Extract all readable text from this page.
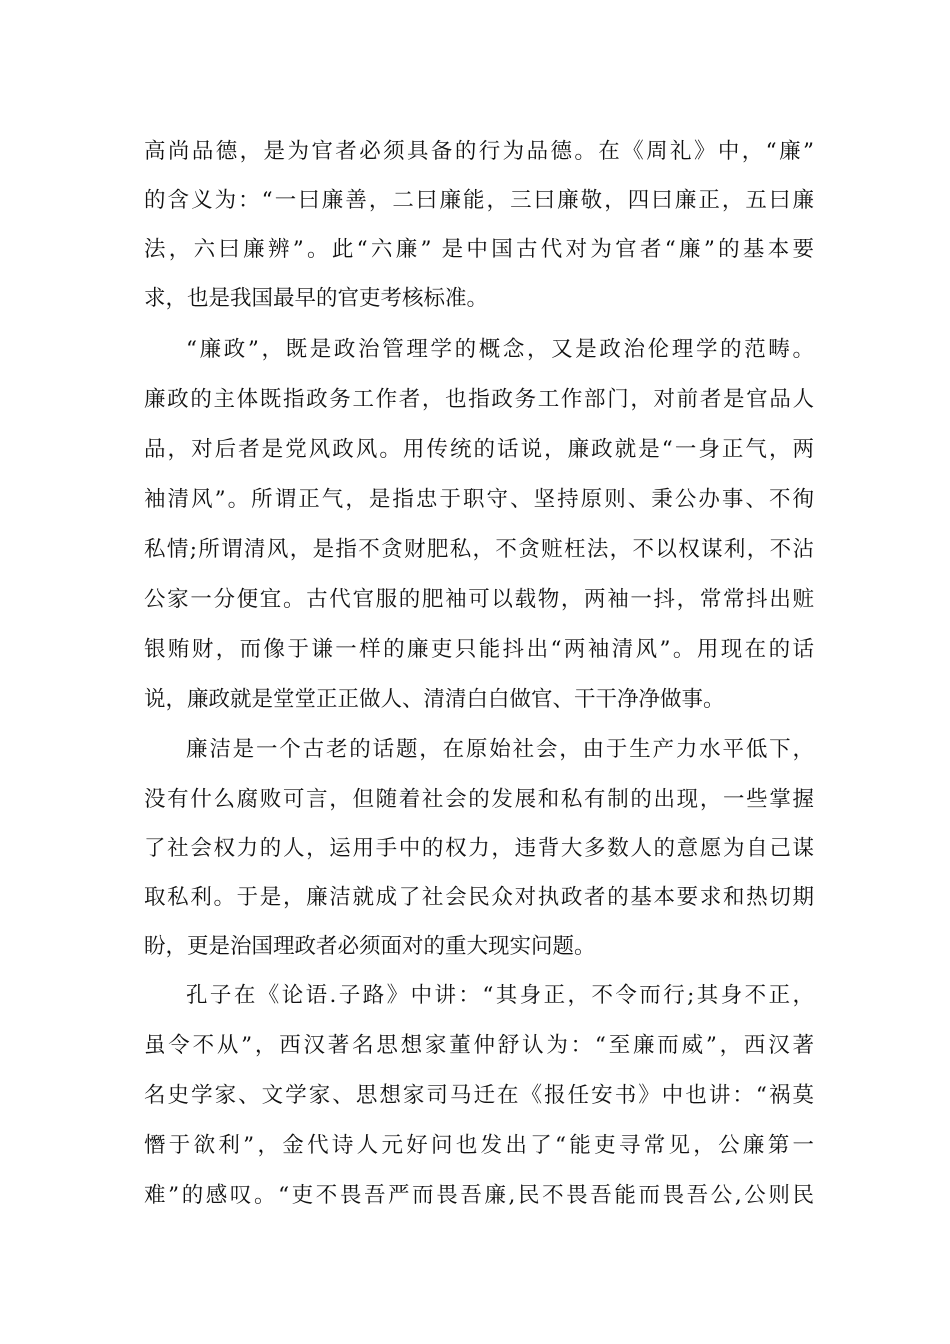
高尚品德，是为官者必须具备的行为品德。在《周礼》中，“廉”
的含义为：“一曰廉善，二曰廉能，三曰廉敬，四曰廉正，五曰廉
法，六曰廉辨”。此“六廉” 是中国古代对为官者“廉”的基本要
求，也是我国最早的官吏考核标准。
“廉政”，既是政治管理学的概念，又是政治伦理学的范畴。
廉政的主体既指政务工作者，也指政务工作部门，对前者是官品人
品，对后者是党风政风。用传统的话说，廉政就是“一身正气，两
袖清风”。所谓正气，是指忠于职守、坚持原则、秉公办事、不徇
私情;所谓清风，是指不贪财肥私，不贪赃枉法，不以权谋利，不沾
公家一分便宜。古代官服的肥袖可以载物，两袖一抖，常常抖出赃
银贿财，而像于谦一样的廉吏只能抖出“两袖清风”。用现在的话
说，廉政就是堂堂正正做人、清清白白做官、干干净净做事。
廉洁是一个古老的话题，在原始社会，由于生产力水平低下，
没有什么腐败可言，但随着社会的发展和私有制的出现，一些掌握
了社会权力的人，运用手中的权力，违背大多数人的意愿为自己谋
取私利。于是，廉洁就成了社会民众对执政者的基本要求和热切期
盼，更是治国理政者必须面对的重大现实问题。
孔子在《论语.子路》中讲：“其身正，不令而行;其身不正，
虽令不从”，西汉著名思想家董仲舒认为：“至廉而威”，西汉著
名史学家、文学家、思想家司马迁在《报任安书》中也讲：“祸莫
憯于欲利”，金代诗人元好问也发出了“能吏寻常见，公廉第一
难”的感叹。“吏不畏吾严而畏吾廉,民不畏吾能而畏吾公,公则民
